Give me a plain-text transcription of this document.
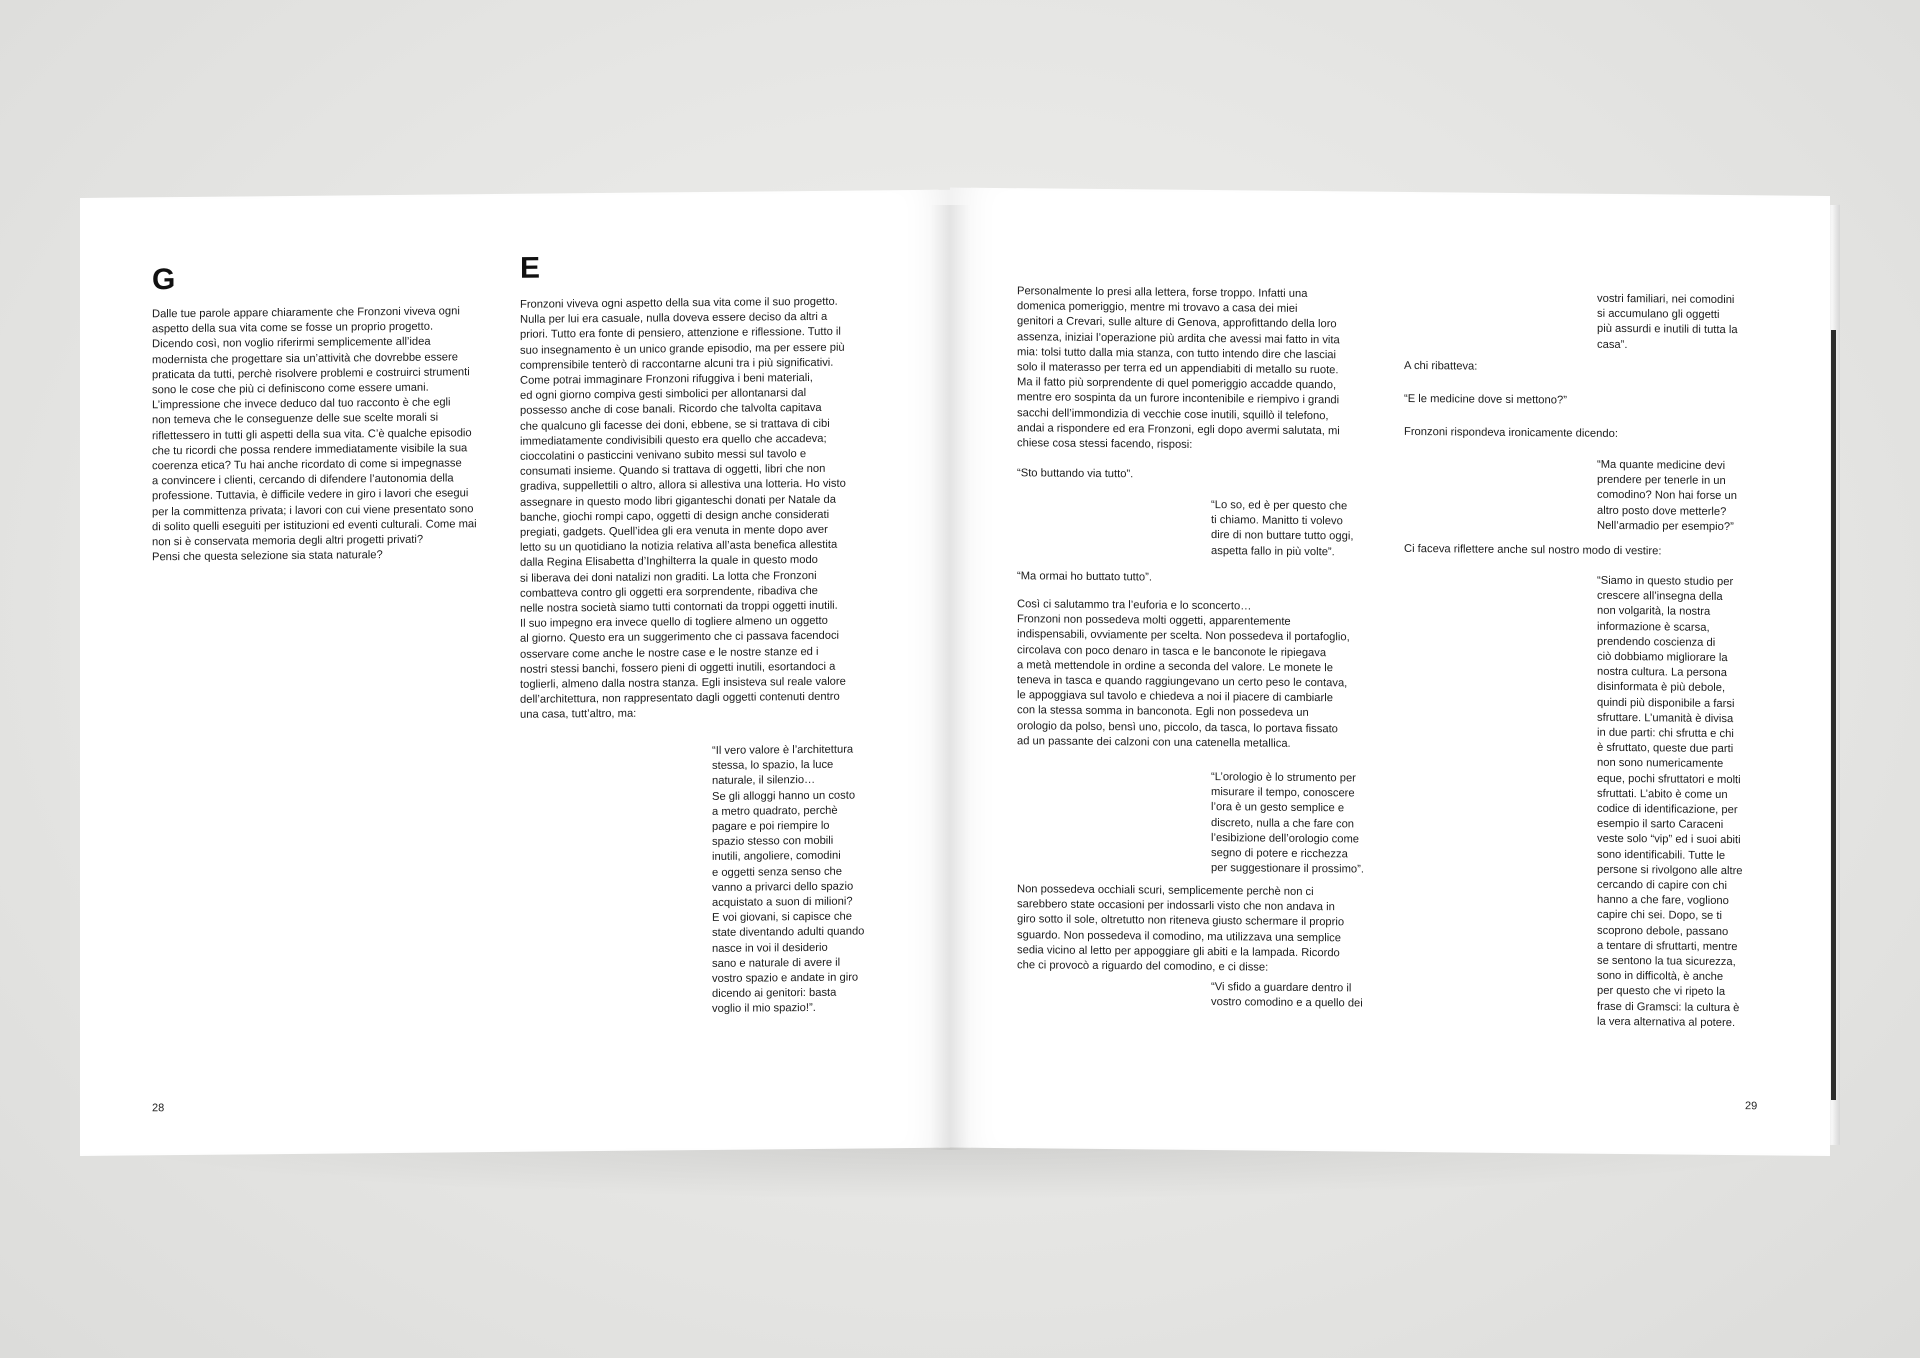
G
Dalle tue parole appare chiaramente che Fronzoni viveva ogni
aspetto della sua vita come se fosse un proprio progetto.
Dicendo così, non voglio riferirmi semplicemente all’idea
modernista che progettare sia un’attività che dovrebbe essere
praticata da tutti, perchè risolvere problemi e costruirci strumenti
sono le cose che più ci definiscono come essere umani.
L’impressione che invece deduco dal tuo racconto è che egli
non temeva che le conseguenze delle sue scelte morali si
riflettessero in tutti gli aspetti della sua vita. C’è qualche episodio
che tu ricordi che possa rendere immediatamente visibile la sua
coerenza etica? Tu hai anche ricordato di come si impegnasse
a convincere i clienti, cercando di difendere l’autonomia della
professione. Tuttavia, è difficile vedere in giro i lavori che esegui
per la committenza privata; i lavori con cui viene presentato sono
di solito quelli eseguiti per istituzioni ed eventi culturali. Come mai
non si è conservata memoria degli altri progetti privati?
Pensi che questa selezione sia stata naturale?
E
Fronzoni viveva ogni aspetto della sua vita come il suo progetto.
Nulla per lui era casuale, nulla doveva essere deciso da altri a
priori. Tutto era fonte di pensiero, attenzione e riflessione. Tutto il
suo insegnamento è un unico grande episodio, ma per essere più
comprensibile tenterò di raccontarne alcuni tra i più significativi.
Come potrai immaginare Fronzoni rifuggiva i beni materiali,
ed ogni giorno compiva gesti simbolici per allontanarsi dal
possesso anche di cose banali. Ricordo che talvolta capitava
che qualcuno gli facesse dei doni, ebbene, se si trattava di cibi
immediatamente condivisibili questo era quello che accadeva;
cioccolatini o pasticcini venivano subito messi sul tavolo e
consumati insieme. Quando si trattava di oggetti, libri che non
gradiva, suppellettili o altro, allora si allestiva una lotteria. Ho visto
assegnare in questo modo libri giganteschi donati per Natale da
banche, giochi rompi capo, oggetti di design anche considerati
pregiati, gadgets. Quell’idea gli era venuta in mente dopo aver
letto su un quotidiano la notizia relativa all’asta benefica allestita
dalla Regina Elisabetta d’Inghilterra la quale in questo modo
si liberava dei doni natalizi non graditi. La lotta che Fronzoni
combatteva contro gli oggetti era sorprendente, ribadiva che
nelle nostra società siamo tutti contornati da troppi oggetti inutili.
Il suo impegno era invece quello di togliere almeno un oggetto
al giorno. Questo era un suggerimento che ci passava facendoci
osservare come anche le nostre case e le nostre stanze ed i
nostri stessi banchi, fossero pieni di oggetti inutili, esortandoci a
toglierli, almeno dalla nostra stanza. Egli insisteva sul reale valore
dell’architettura, non rappresentato dagli oggetti contenuti dentro
una casa, tutt’altro, ma:
“Il vero valore è l’architettura
stessa, lo spazio, la luce
naturale, il silenzio…
Se gli alloggi hanno un costo
a metro quadrato, perchè
pagare e poi riempire lo
spazio stesso con mobili
inutili, angoliere, comodini
e oggetti senza senso che
vanno a privarci dello spazio
acquistato a suon di milioni?
E voi giovani, si capisce che
state diventando adulti quando
nasce in voi il desiderio
sano e naturale di avere il
vostro spazio e andate in giro
dicendo ai genitori: basta
voglio il mio spazio!”.
28
Personalmente lo presi alla lettera, forse troppo. Infatti una
domenica pomeriggio, mentre mi trovavo a casa dei miei
genitori a Crevari, sulle alture di Genova, approfittando della loro
assenza, iniziai l’operazione più ardita che avessi mai fatto in vita
mia: tolsi tutto dalla mia stanza, con tutto intendo dire che lasciai
solo il materasso per terra ed un appendiabiti di metallo su ruote.
Ma il fatto più sorprendente di quel pomeriggio accadde quando,
mentre ero sospinta da un furore incontenibile e riempivo i grandi
sacchi dell’immondizia di vecchie cose inutili, squillò il telefono,
andai a rispondere ed era Fronzoni, egli dopo avermi salutata, mi
chiese cosa stessi facendo, risposi:
“Sto buttando via tutto”.
“Lo so, ed è per questo che
ti chiamo. Manitto ti volevo
dire di non buttare tutto oggi,
aspetta fallo in più volte”.
“Ma ormai ho buttato tutto”.
Così ci salutammo tra l’euforia e lo sconcerto…
Fronzoni non possedeva molti oggetti, apparentemente
indispensabili, ovviamente per scelta. Non possedeva il portafoglio,
circolava con poco denaro in tasca e le banconote le ripiegava
a metà mettendole in ordine a seconda del valore. Le monete le
teneva in tasca e quando raggiungevano un certo peso le contava,
le appoggiava sul tavolo e chiedeva a noi il piacere di cambiarle
con la stessa somma in banconota. Egli non possedeva un
orologio da polso, bensì uno, piccolo, da tasca, lo portava fissato
ad un passante dei calzoni con una catenella metallica.
“L’orologio è lo strumento per
misurare il tempo, conoscere
l’ora è un gesto semplice e
discreto, nulla a che fare con
l’esibizione dell’orologio come
segno di potere e ricchezza
per suggestionare il prossimo”.
Non possedeva occhiali scuri, semplicemente perchè non ci
sarebbero state occasioni per indossarli visto che non andava in
giro sotto il sole, oltretutto non riteneva giusto schermare il proprio
sguardo. Non possedeva il comodino, ma utilizzava una semplice
sedia vicino al letto per appoggiare gli abiti e la lampada. Ricordo
che ci provocò a riguardo del comodino, e ci disse:
“Vi sfido a guardare dentro il
vostro comodino e a quello dei
vostri familiari, nei comodini
si accumulano gli oggetti
più assurdi e inutili di tutta la
casa”.
A chi ribatteva:
“E le medicine dove si mettono?”
Fronzoni rispondeva ironicamente dicendo:
“Ma quante medicine devi
prendere per tenerle in un
comodino? Non hai forse un
altro posto dove metterle?
Nell’armadio per esempio?”
Ci faceva riflettere anche sul nostro modo di vestire:
“Siamo in questo studio per
crescere all’insegna della
non volgarità, la nostra
informazione è scarsa,
prendendo coscienza di
ciò dobbiamo migliorare la
nostra cultura. La persona
disinformata è più debole,
quindi più disponibile a farsi
sfruttare. L’umanità è divisa
in due parti: chi sfrutta e chi
è sfruttato, queste due parti
non sono numericamente
eque, pochi sfruttatori e molti
sfruttati. L’abito è come un
codice di identificazione, per
esempio il sarto Caraceni
veste solo “vip” ed i suoi abiti
sono identificabili. Tutte le
persone si rivolgono alle altre
cercando di capire con chi
hanno a che fare, vogliono
capire chi sei. Dopo, se ti
scoprono debole, passano
a tentare di sfruttarti, mentre
se sentono la tua sicurezza,
sono in difficoltà, è anche
per questo che vi ripeto la
frase di Gramsci: la cultura è
la vera alternativa al potere.
29
